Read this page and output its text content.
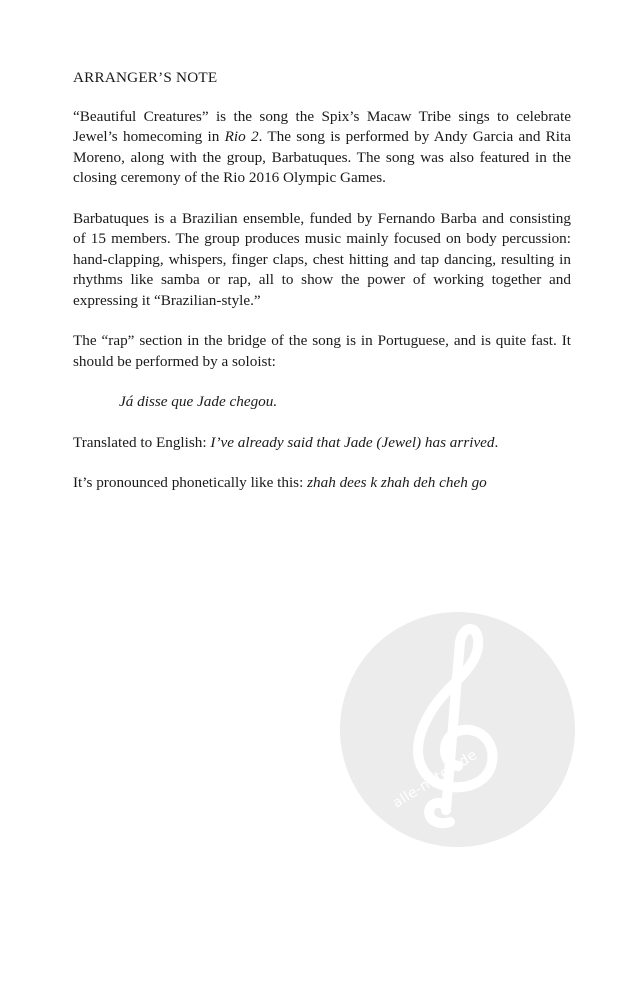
ARRANGER’S NOTE

“Beautiful Creatures” is the song the Spix’s Macaw Tribe sings to celebrate Jewel’s homecoming in Rio 2. The song is performed by Andy Garcia and Rita Moreno, along with the group, Barbatuques. The song was also featured in the closing ceremony of the Rio 2016 Olympic Games.

Barbatuques is a Brazilian ensemble, funded by Fernando Barba and consisting of 15 members. The group produces music mainly focused on body percussion: hand-clapping, whispers, finger claps, chest hitting and tap dancing, resulting in rhythms like samba or rap, all to show the power of working together and expressing it “Brazilian-style.”

The “rap” section in the bridge of the song is in Portuguese, and is quite fast. It should be performed by a soloist:

Já disse que Jade chegou.

Translated to English: I’ve already said that Jade (Jewel) has arrived.

It’s pronounced phonetically like this: zhah dees k zhah deh cheh go

alle-noten.de
